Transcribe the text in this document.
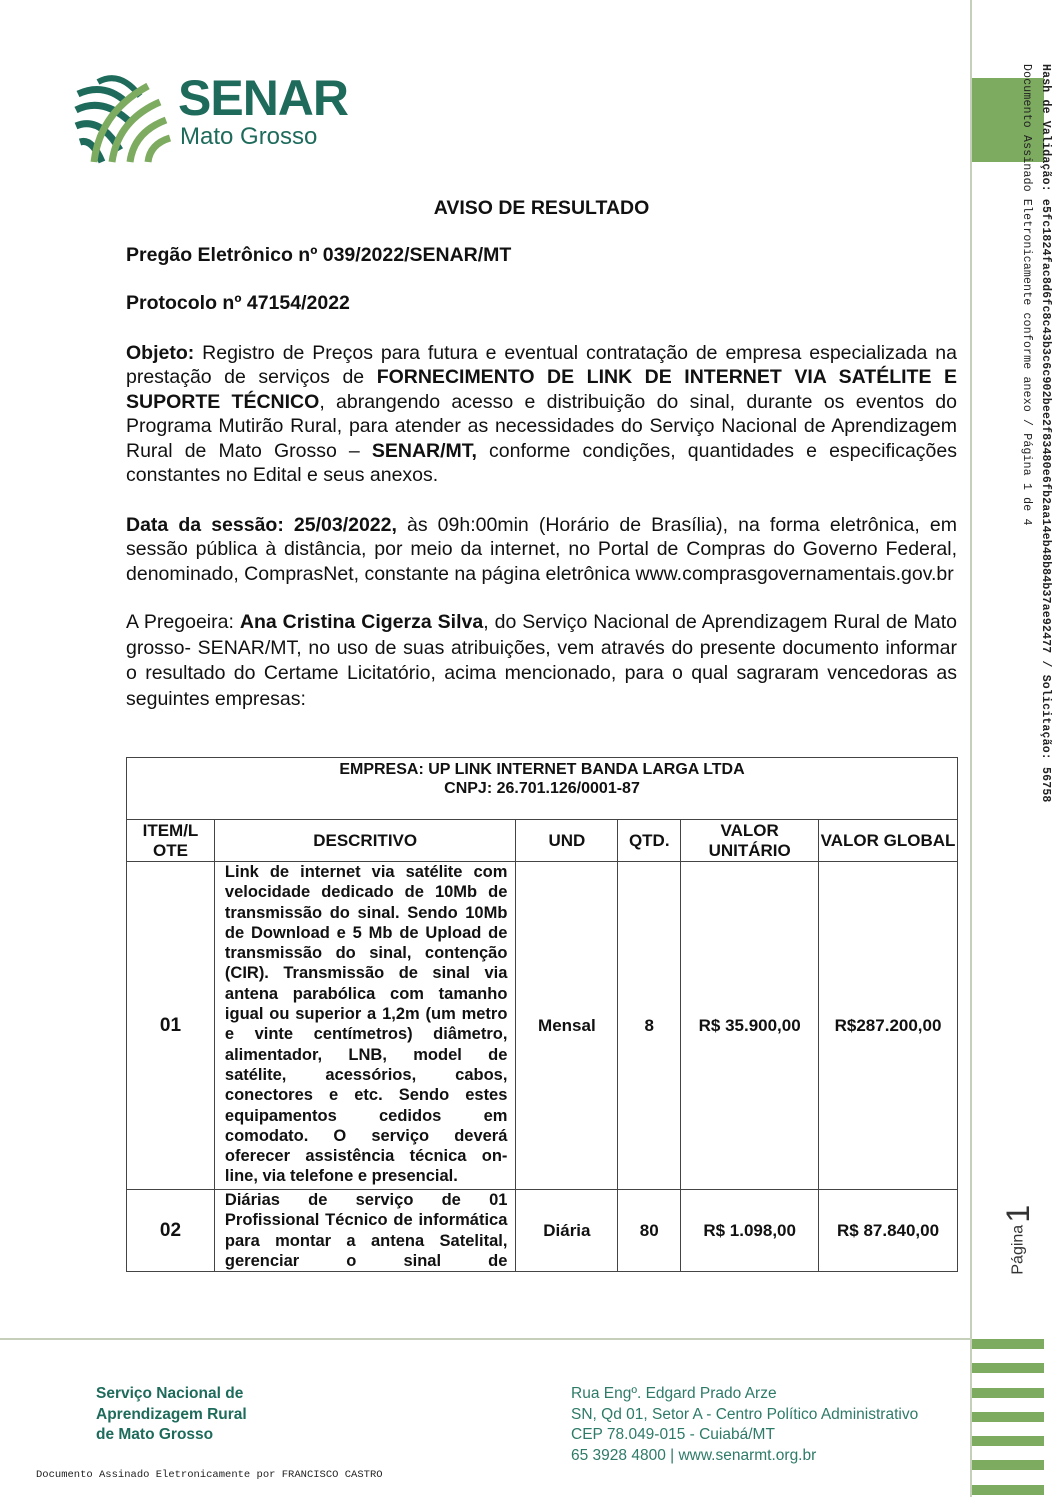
Hash de Validação: e5fc1824fac8d6fc8c43b3c6c902bee2f83480e6fb2aa14eb48b84b37ae92477 / Solicitação: 56758
Documento Assinado Eletronicamente conforme anexo / Página 1 de 4
Página
1
SENAR
Mato Grosso
AVISO DE RESULTADO
Pregão Eletrônico nº 039/2022/SENAR/MT
Protocolo nº 47154/2022
Objeto: Registro de Preços para futura e eventual contratação de empresa especializada na prestação de serviços de FORNECIMENTO DE LINK DE INTERNET VIA SATÉLITE E SUPORTE TÉCNICO, abrangendo acesso e distribuição do sinal, durante os eventos do Programa Mutirão Rural, para atender as necessidades do Serviço Nacional de Aprendizagem Rural de Mato Grosso – SENAR/MT, conforme condições, quantidades e especificações constantes no Edital e seus anexos.
Data da sessão: 25/03/2022, às 09h:00min (Horário de Brasília), na forma eletrônica, em sessão pública à distância, por meio da internet, no Portal de Compras do Governo Federal, denominado, ComprasNet, constante na página eletrônica www.comprasgovernamentais.gov.br
A Pregoeira: Ana Cristina Cigerza Silva, do Serviço Nacional de Aprendizagem Rural de Mato grosso- SENAR/MT, no uso de suas atribuições, vem através do presente documento informar o resultado do Certame Licitatório, acima mencionado, para o qual sagraram vencedoras as seguintes empresas:
EMPRESA: UP LINK INTERNET BANDA LARGA LTDA
CNPJ: 26.701.126/0001-87					

ITEM/L OTE	DESCRITIVO	UND	QTD.	VALOR UNITÁRIO	VALOR GLOBAL
01	Link de internet via satélite com velocidade dedicado de 10Mb de transmissão do sinal. Sendo 10Mb de Download e 5 Mb de Upload de transmissão do sinal, contenção (CIR). Transmissão de sinal via antena parabólica com tamanho igual ou superior a 1,2m (um metro e vinte centímetros) diâmetro, alimentador, LNB, model de satélite, acessórios, cabos, conectores e etc. Sendo estes equipamentos cedidos em comodato. O serviço deverá oferecer assistência técnica on-line, via telefone e presencial.	Mensal	8	R$ 35.900,00	R$287.200,00
02	Diárias de serviço de 01 Profissional Técnico de informática para montar a antena Satelital, gerenciar o sinal de	Diária	80	R$ 1.098,00	R$ 87.840,00
Serviço Nacional de
Aprendizagem Rural
de Mato Grosso
Rua Engº. Edgard Prado Arze
SN, Qd 01, Setor A - Centro Político Administrativo
CEP 78.049-015 - Cuiabá/MT
65 3928 4800 | www.senarmt.org.br
Documento Assinado Eletronicamente por FRANCISCO CASTRO
